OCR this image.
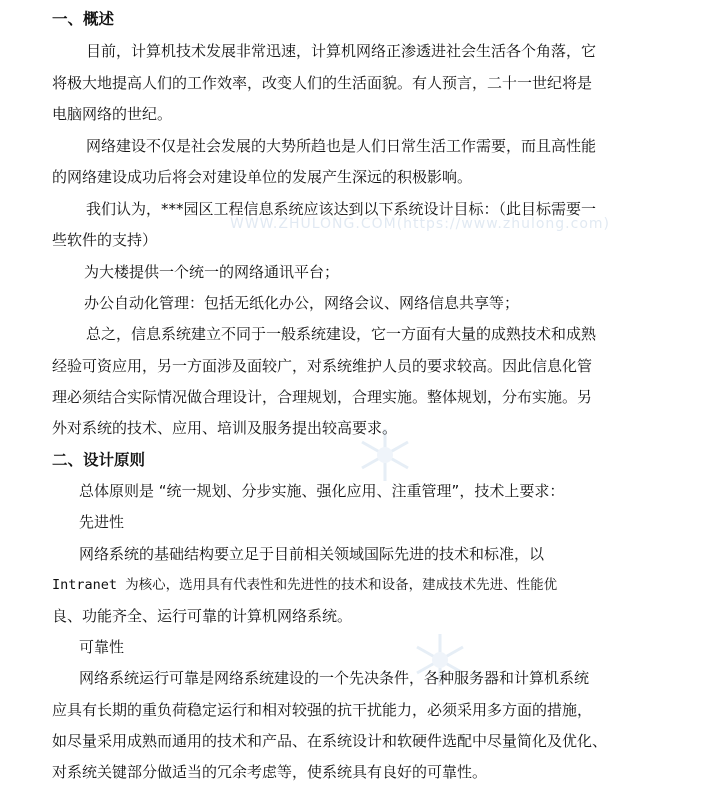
WWW.ZHULONG.COM(https://www.zhulong.com)
一、概述
目前，计算机技术发展非常迅速，计算机网络正渗透进社会生活各个角落，它
将极大地提高人们的工作效率，改变人们的生活面貌。有人预言，二十一世纪将是
电脑网络的世纪。
网络建设不仅是社会发展的大势所趋也是人们日常生活工作需要，而且高性能
的网络建设成功后将会对建设单位的发展产生深远的积极影响。
我们认为，***园区工程信息系统应该达到以下系统设计目标：（此目标需要一
些软件的支持）
为大楼提供一个统一的网络通讯平台；
办公自动化管理：包括无纸化办公，网络会议、网络信息共享等；
总之，信息系统建立不同于一般系统建设，它一方面有大量的成熟技术和成熟
经验可资应用，另一方面涉及面较广，对系统维护人员的要求较高。因此信息化管
理必须结合实际情况做合理设计，合理规划，合理实施。整体规划，分布实施。另
外对系统的技术、应用、培训及服务提出较高要求。
二、设计原则
总体原则是 “统一规划、分步实施、强化应用、注重管理”，技术上要求：
先进性
网络系统的基础结构要立足于目前相关领域国际先进的技术和标准，以
Intranet 为核心，选用具有代表性和先进性的技术和设备，建成技术先进、性能优
良、功能齐全、运行可靠的计算机网络系统。
可靠性
网络系统运行可靠是网络系统建设的一个先决条件，各种服务器和计算机系统
应具有长期的重负荷稳定运行和相对较强的抗干扰能力，必须采用多方面的措施，
如尽量采用成熟而通用的技术和产品、在系统设计和软硬件选配中尽量简化及优化、
对系统关键部分做适当的冗余考虑等，使系统具有良好的可靠性。
